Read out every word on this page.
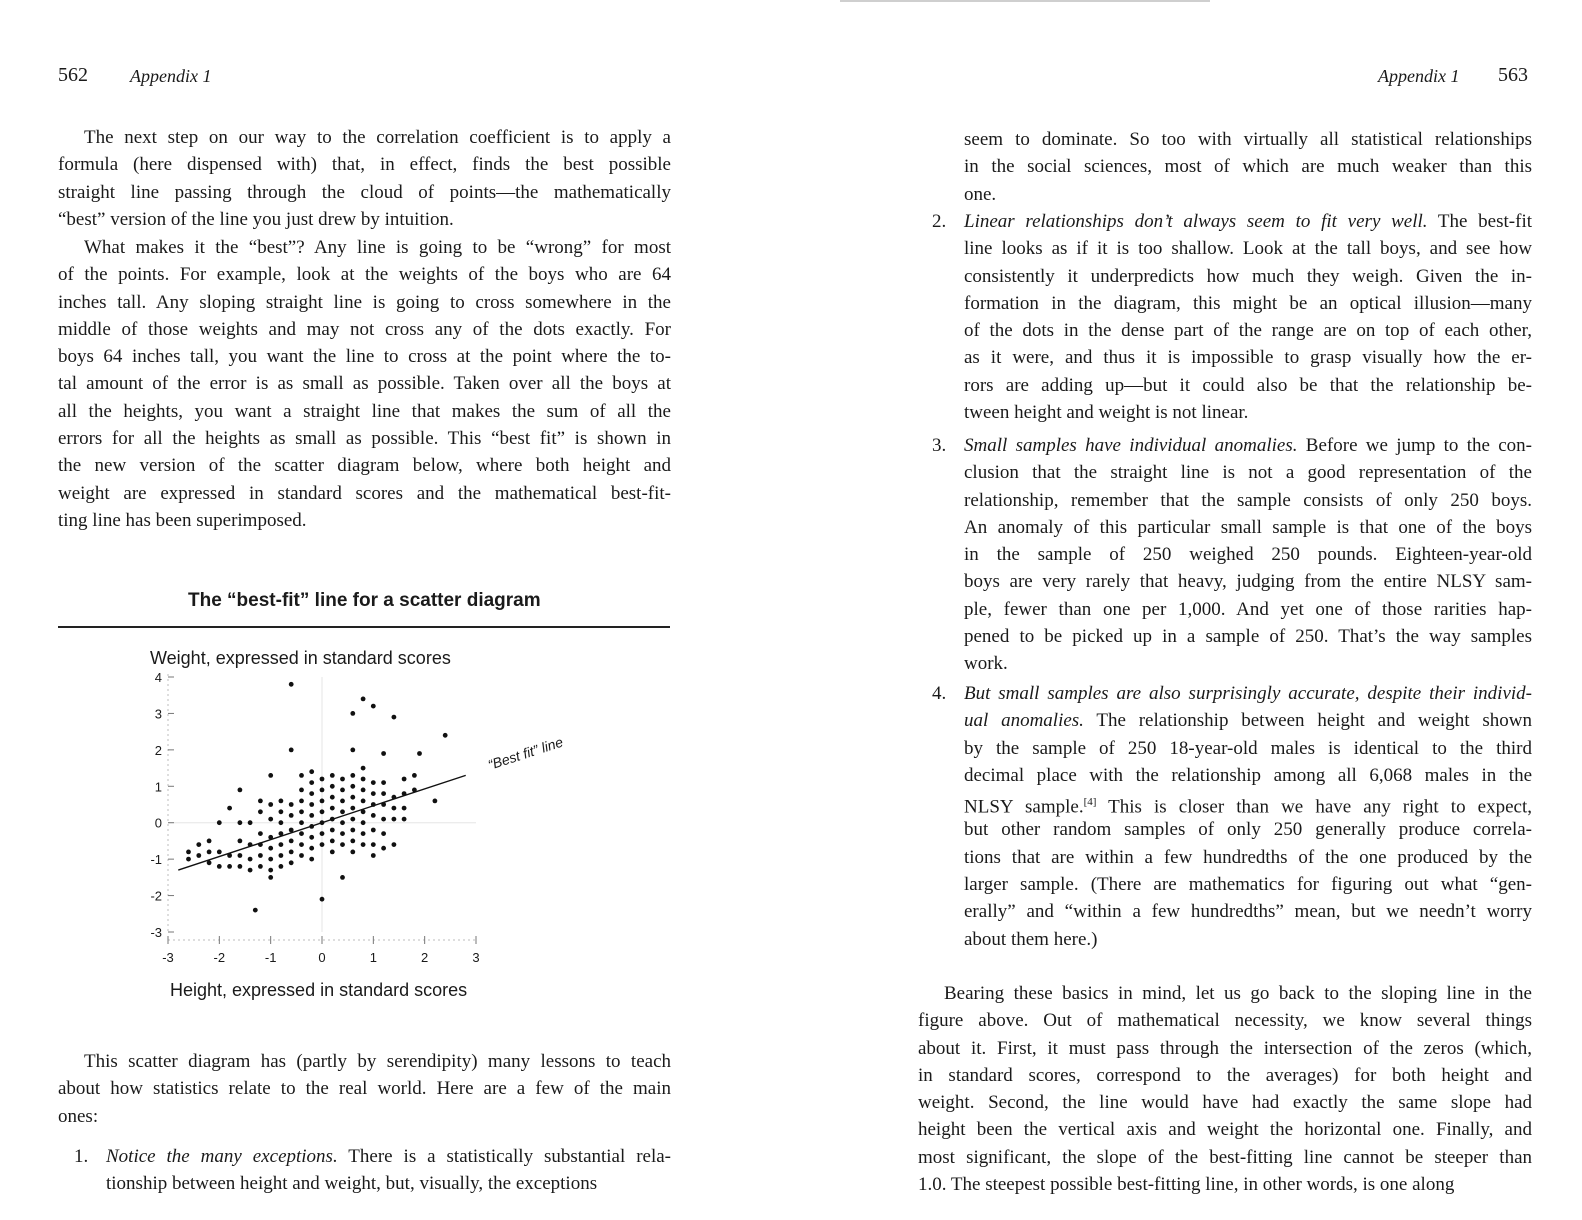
562 Appendix 1
The next step on our way to the correlation coefficient is to apply a
formula (here dispensed with) that, in effect, finds the best possible
straight line passing through the cloud of points—the mathematically
“best” version of the line you just drew by intuition.
What makes it the “best”? Any line is going to be “wrong” for most
of the points. For example, look at the weights of the boys who are 64
inches tall. Any sloping straight line is going to cross somewhere in the
middle of those weights and may not cross any of the dots exactly. For
boys 64 inches tall, you want the line to cross at the point where the to-
tal amount of the error is as small as possible. Taken over all the boys at
all the heights, you want a straight line that makes the sum of all the
errors for all the heights as small as possible. This “best fit” is shown in
the new version of the scatter diagram below, where both height and
weight are expressed in standard scores and the mathematical best-fit-
ting line has been superimposed.
The “best-fit” line for a scatter diagram
4
3
2
1
0
-1
-2
-3
-3	-2	-1	0	1	2	3
Weight, expressed in standard scores
Height, expressed in standard scores
“Best fit” line
This scatter diagram has (partly by serendipity) many lessons to teach
about how statistics relate to the real world. Here are a few of the main
ones:
1. Notice the many exceptions. There is a statistically substantial rela-
tionship between height and weight, but, visually, the exceptions
Appendix 1 563
seem to dominate. So too with virtually all statistical relationships
in the social sciences, most of which are much weaker than this
one.
2. Linear relationships don’t always seem to fit very well. The best-fit
line looks as if it is too shallow. Look at the tall boys, and see how
consistently it underpredicts how much they weigh. Given the in-
formation in the diagram, this might be an optical illusion—many
of the dots in the dense part of the range are on top of each other,
as it were, and thus it is impossible to grasp visually how the er-
rors are adding up—but it could also be that the relationship be-
tween height and weight is not linear.
3. Small samples have individual anomalies. Before we jump to the con-
clusion that the straight line is not a good representation of the
relationship, remember that the sample consists of only 250 boys.
An anomaly of this particular small sample is that one of the boys
in the sample of 250 weighed 250 pounds. Eighteen-year-old
boys are very rarely that heavy, judging from the entire NLSY sam-
ple, fewer than one per 1,000. And yet one of those rarities hap-
pened to be picked up in a sample of 250. That’s the way samples
work.
4. But small samples are also surprisingly accurate, despite their individ-
ual anomalies. The relationship between height and weight shown
by the sample of 250 18-year-old males is identical to the third
decimal place with the relationship among all 6,068 males in the
NLSY sample.[4] This is closer than we have any right to expect,
but other random samples of only 250 generally produce correla-
tions that are within a few hundredths of the one produced by the
larger sample. (There are mathematics for figuring out what “gen-
erally” and “within a few hundredths” mean, but we needn’t worry
about them here.)
Bearing these basics in mind, let us go back to the sloping line in the
figure above. Out of mathematical necessity, we know several things
about it. First, it must pass through the intersection of the zeros (which,
in standard scores, correspond to the averages) for both height and
weight. Second, the line would have had exactly the same slope had
height been the vertical axis and weight the horizontal one. Finally, and
most significant, the slope of the best-fitting line cannot be steeper than
1.0. The steepest possible best-fitting line, in other words, is one along
